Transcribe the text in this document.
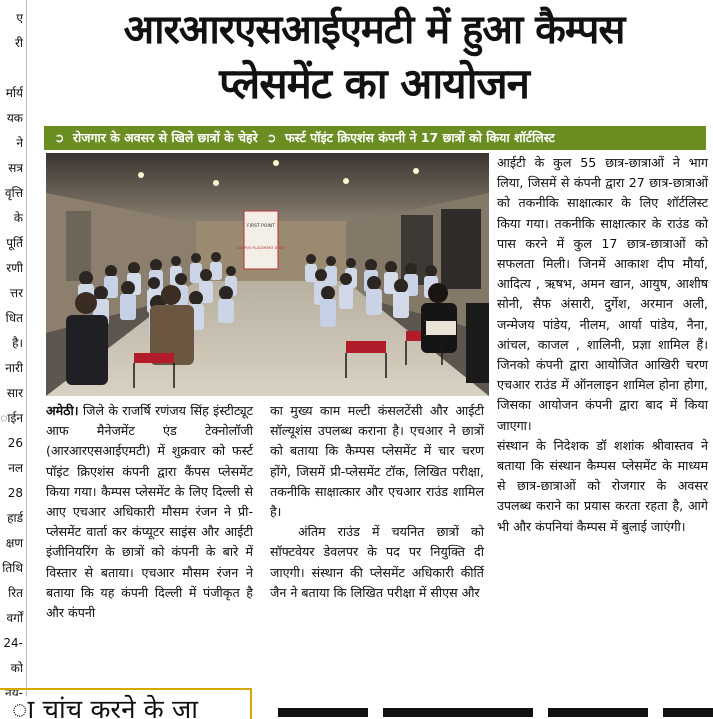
ए
री

र्मार्य
यक
ने
सत्र
वृत्ति
के
पूर्ति
रणी
त्तर
धित
है।
नारी
सार
ाईन
26
नल
28
हार्ड
क्षण
तिथि
रित
वर्गों
24-
को
नय-
आरआरएसआईएमटी में हुआ कैम्पस
प्लेसमेंट का आयोजन
➲ रोजगार के अवसर से खिले छात्रों के चेहरे ➲ फर्स्ट पॉइंट क्रिएशंस कंपनी ने 17 छात्रों को किया शॉर्टलिस्ट
FIRST POINT
CAMPUS PLACEMENT DRIVE

आईटी के कुल 55 छात्र-छात्राओं ने भाग लिया, जिसमें से कंपनी द्वारा 27 छात्र-छात्राओं को तकनीकि साक्षात्कार के लिए शॉर्टलिस्ट किया गया। तकनीकि साक्षात्कार के राउंड को पास करने में कुल 17 छात्र-छात्राओं को सफलता मिली। जिनमें आकाश दीप मौर्या, आदित्य , ऋषभ, अमन खान, आयुष, आशीष सोनी, सैफ अंसारी, दुर्गेश, अरमान अली, जन्मेजय पांडेय, नीलम, आर्या पांडेय, नैना, आंचल, काजल , शालिनी, प्रज्ञा शामिल हैं। जिनको कंपनी द्वारा आयोजित आखिरी चरण एचआर राउंड में ऑनलाइन शामिल होना होगा, जिसका आयोजन कंपनी द्वारा बाद में किया जाएगा।

संस्थान के निदेशक डॉ शशांक श्रीवास्तव ने बताया कि संस्थान कैम्पस प्लेसमेंट के माध्यम से छात्र-छात्राओं को रोजगार के अवसर उपलब्ध कराने का प्रयास करता रहता है, आगे भी और कंपनियां कैम्पस में बुलाई जाएंगी।

अमेठी। जिले के राजर्षि रणंजय सिंह इंस्टीट्यूट आफ मैनेजमेंट एंड टेक्नोलॉजी (आरआरएसआईएमटी) में शुक्रवार को फर्स्ट पॉइंट क्रिएशंस कंपनी द्वारा कैंपस प्लेसमेंट किया गया। कैम्पस प्लेसमेंट के लिए दिल्ली से आए एचआर अधिकारी मौसम रंजन ने प्री-प्लेसमेंट वार्ता कर कंप्यूटर साइंस और आईटी इंजीनियरिंग के छात्रों को कंपनी के बारे में विस्तार से बताया। एचआर मौसम रंजन ने बताया कि यह कंपनी दिल्ली में पंजीकृत है और कंपनी

का मुख्य काम मल्टी कंसलटेंसी और आईटी सॉल्यूशंस उपलब्ध कराना है। एचआर ने छात्रों को बताया कि कैम्पस प्लेसमेंट में चार चरण होंगे, जिसमें प्री-प्लेसमेंट टॉक, लिखित परीक्षा, तकनीकि साक्षात्कार और एचआर राउंड शामिल है।

अंतिम राउंड में चयनित छात्रों को सॉफ्टवेयर डेवलपर के पद पर नियुक्ति दी जाएगी। संस्थान की प्लेसमेंट अधिकारी कीर्ति जैन ने बताया कि लिखित परीक्षा में सीएस और

ा चांच करने के जा
